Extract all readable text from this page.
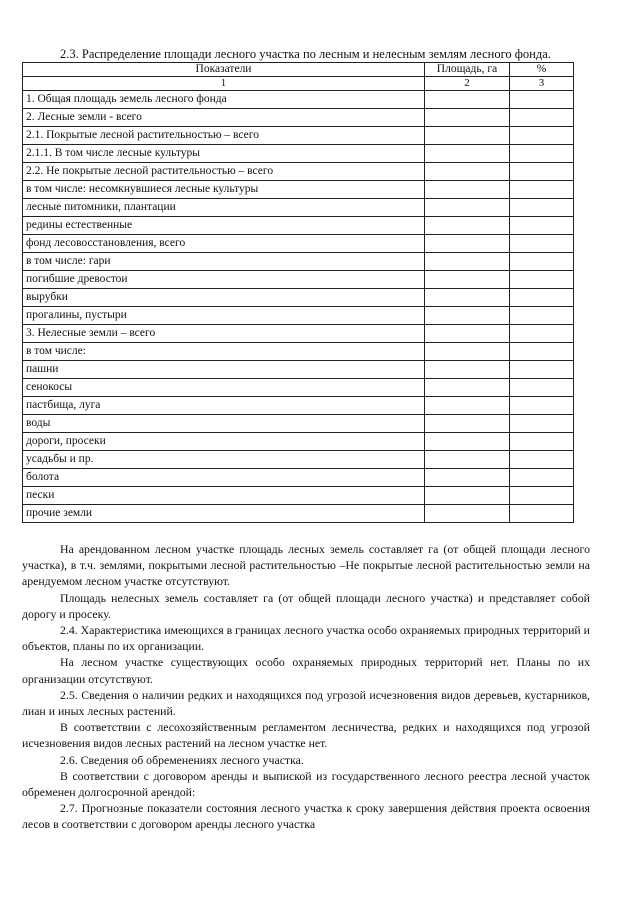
2.3. Распределение площади лесного участка по лесным и нелесным землям лесного фонда.
Показатели	Площадь, га	%
1	2	3
1. Общая площадь земель лесного фонда		
2. Лесные земли - всего		
2.1. Покрытые лесной растительностью – всего		
2.1.1. В том числе лесные культуры		
2.2. Не покрытые лесной растительностью – всего		
в том числе: несомкнувшиеся лесные культуры		
лесные питомники, плантации		
редины естественные		
фонд лесовосстановления, всего		
в том числе: гари		
погибшие древостои		
вырубки		
прогалины, пустыри		
3. Нелесные земли – всего		
в том числе:		
пашни		
сенокосы		
пастбища, луга		
воды		
дороги, просеки		
усадьбы и пр.		
болота		
пески		
прочие земли		

На арендованном лесном участке площадь лесных земель составляет га (от общей площади лесного участка), в т.ч. землями, покрытыми лесной растительностью –Не покрытые лесной растительностью земли на арендуемом лесном участке отсутствуют.

Площадь нелесных земель составляет га (от общей площади лесного участка) и представляет собой дорогу и просеку.

2.4. Характеристика имеющихся в границах лесного участка особо охраняемых природных территорий и объектов, планы по их организации.

На лесном участке существующих особо охраняемых природных территорий нет. Планы по их организации отсутствуют.

2.5. Сведения о наличии редких и находящихся под угрозой исчезновения видов деревьев, кустарников, лиан и иных лесных растений.

В соответствии с лесохозяйственным регламентом лесничества, редких и находящихся под угрозой исчезновения видов лесных растений на лесном участке нет.

2.6. Сведения об обременениях лесного участка.

В соответствии с договором аренды и выпиской из государственного лесного реестра лесной участок обременен долгосрочной арендой:

2.7. Прогнозные показатели состояния лесного участка к сроку завершения действия проекта освоения лесов в соответствии с договором аренды лесного участка
